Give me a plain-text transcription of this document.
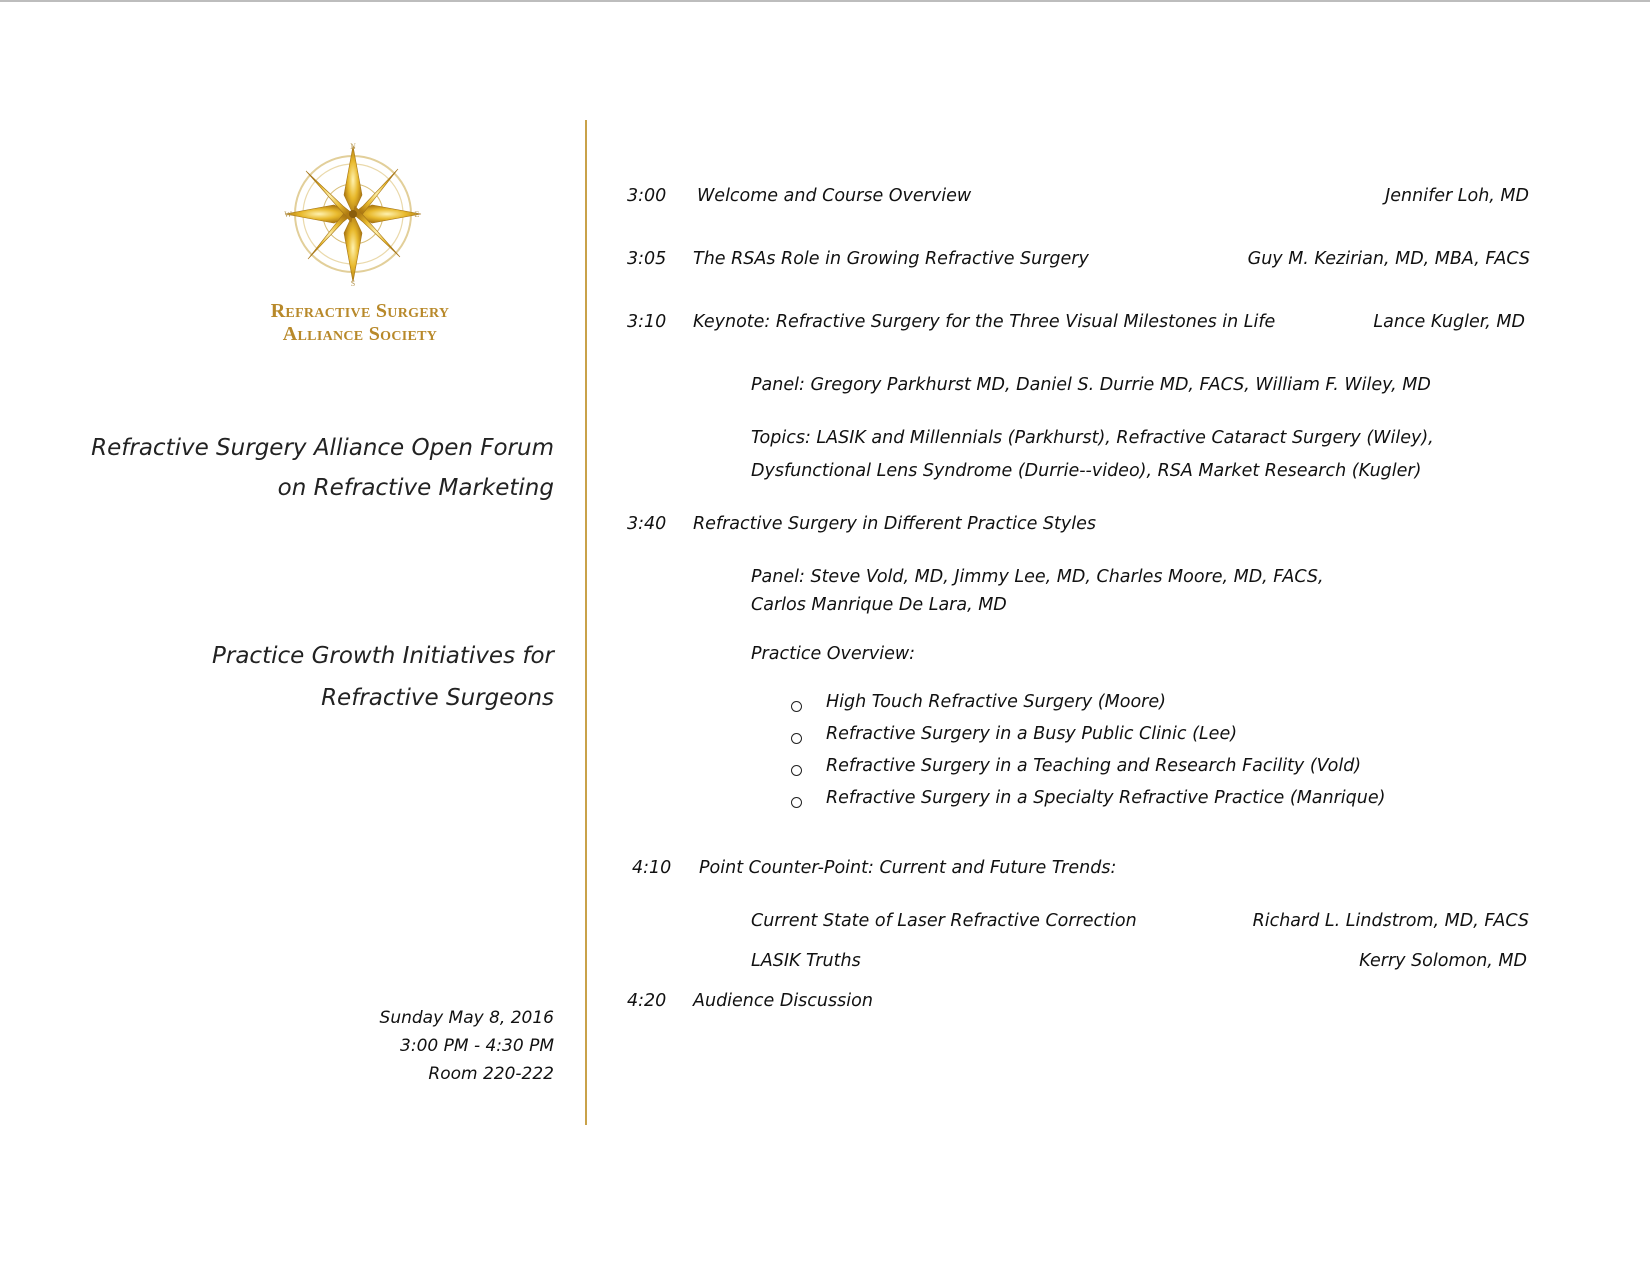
N
S
E
W
Refractive Surgery
Alliance Society
Refractive Surgery Alliance Open Forum
on Refractive Marketing
Practice Growth Initiatives for
Refractive Surgeons
Sunday May 8, 2016
3:00 PM - 4:30 PM
Room 220-222
3:00 Welcome and Course Overview	Jennifer Loh, MD
3:05 The RSAs Role in Growing Refractive Surgery	Guy M. Kezirian, MD, MBA, FACS
3:10 Keynote: Refractive Surgery for the Three Visual Milestones in Life	Lance Kugler, MD
Panel: Gregory Parkhurst MD, Daniel S. Durrie MD, FACS, William F. Wiley, MD
Topics: LASIK and Millennials (Parkhurst), Refractive Cataract Surgery (Wiley),
Dysfunctional Lens Syndrome (Durrie--video), RSA Market Research (Kugler)
3:40 Refractive Surgery in Different Practice Styles
Panel: Steve Vold, MD, Jimmy Lee, MD, Charles Moore, MD, FACS,
Carlos Manrique De Lara, MD
Practice Overview:
High Touch Refractive Surgery (Moore)
Refractive Surgery in a Busy Public Clinic (Lee)
Refractive Surgery in a Teaching and Research Facility (Vold)
Refractive Surgery in a Specialty Refractive Practice (Manrique)
4:10 Point Counter-Point: Current and Future Trends:
Current State of Laser Refractive Correction	Richard L. Lindstrom, MD, FACS
LASIK Truths	Kerry Solomon, MD
4:20 Audience Discussion
